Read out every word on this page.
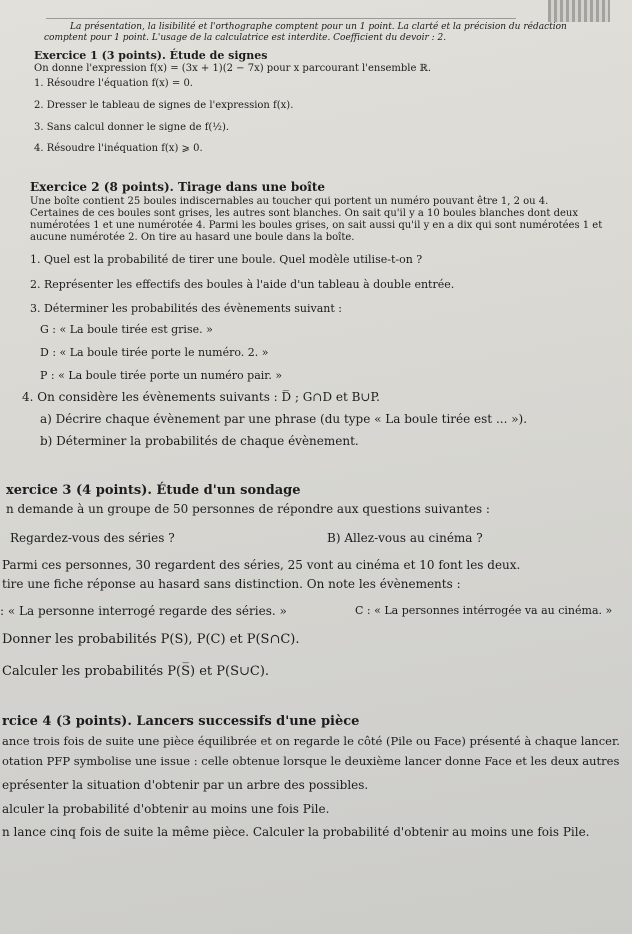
La présentation, la lisibilité et l'orthographe comptent pour un 1 point. La clarté et la précision du rédaction
comptent pour 1 point. L'usage de la calculatrice est interdite. Coefficient du devoir : 2.
Exercice 1 (3 points). Étude de signes
On donne l'expression f(x) = (3x + 1)(2 − 7x) pour x parcourant l'ensemble ℝ.
1. Résoudre l'équation f(x) = 0.
2. Dresser le tableau de signes de l'expression f(x).
3. Sans calcul donner le signe de f(½).
4. Résoudre l'inéquation f(x) ⩾ 0.
Exercice 2 (8 points). Tirage dans une boîte
Une boîte contient 25 boules indiscernables au toucher qui portent un numéro pouvant être 1, 2 ou 4.
Certaines de ces boules sont grises, les autres sont blanches. On sait qu'il y a 10 boules blanches dont deux
numérotées 1 et une numérotée 4. Parmi les boules grises, on sait aussi qu'il y en a dix qui sont numérotées 1 et
aucune numérotée 2. On tire au hasard une boule dans la boîte.
1. Quel est la probabilité de tirer une boule. Quel modèle utilise-t-on ?
2. Représenter les effectifs des boules à l'aide d'un tableau à double entrée.
3. Déterminer les probabilités des évènements suivant :
G : « La boule tirée est grise. »
D : « La boule tirée porte le numéro. 2. »
P : « La boule tirée porte un numéro pair. »
4. On considère les évènements suivants : D̅ ; G∩D et B∪P.
a) Décrire chaque évènement par une phrase (du type « La boule tirée est ... »).
b) Déterminer la probabilités de chaque évènement.
xercice 3 (4 points). Étude d'un sondage
n demande à un groupe de 50 personnes de répondre aux questions suivantes :
Regardez-vous des séries ?	B) Allez-vous au cinéma ?
Parmi ces personnes, 30 regardent des séries, 25 vont au cinéma et 10 font les deux.
tire une fiche réponse au hasard sans distinction. On note les évènements :
: « La personne interrogé regarde des séries. »	C : « La personnes intérrogée va au cinéma. »
Donner les probabilités P(S), P(C) et P(S∩C).
Calculer les probabilités P(S̅) et P(S∪C).
rcice 4 (3 points). Lancers successifs d'une pièce
ance trois fois de suite une pièce équilibrée et on regarde le côté (Pile ou Face) présenté à chaque lancer.
otation PFP symbolise une issue : celle obtenue lorsque le deuxième lancer donne Face et les deux autres
eprésenter la situation d'obtenir par un arbre des possibles.
alculer la probabilité d'obtenir au moins une fois Pile.
n lance cinq fois de suite la même pièce. Calculer la probabilité d'obtenir au moins une fois Pile.
